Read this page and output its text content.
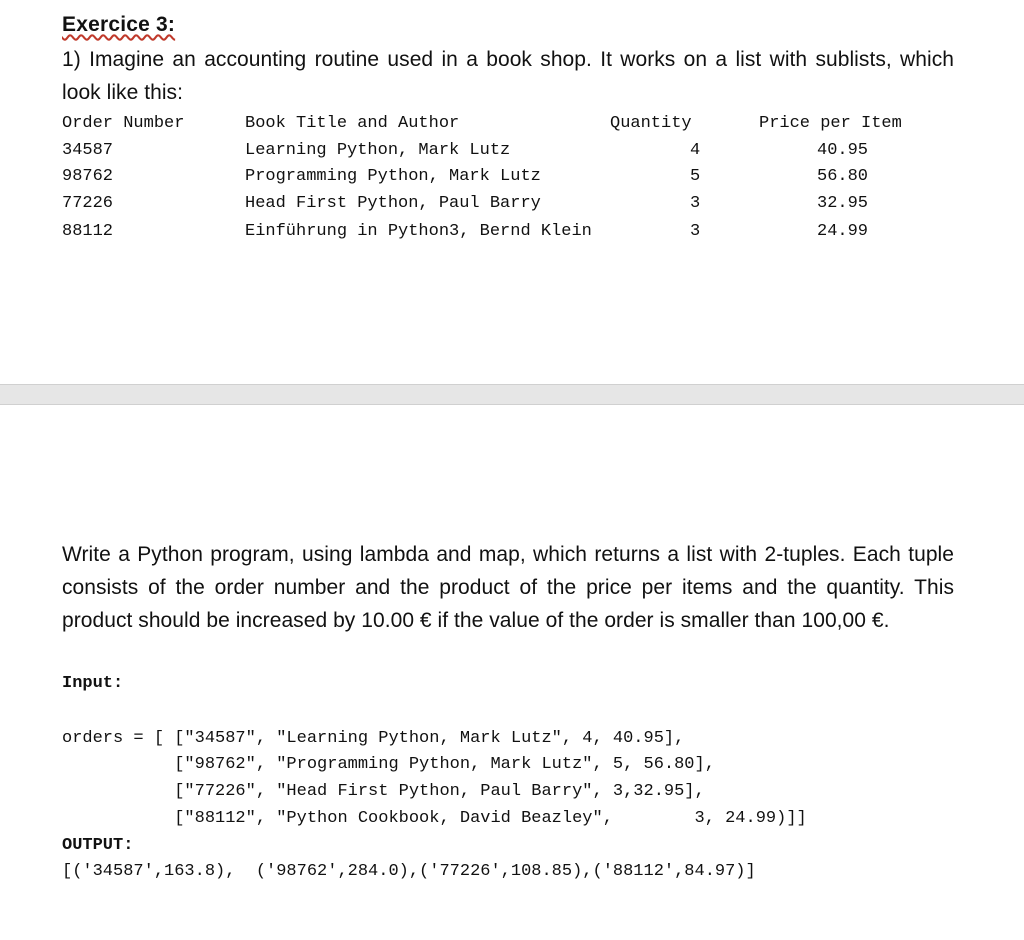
Exercice 3:
1) Imagine an accounting routine used in a book shop. It works on a list with sublists, which look like this:
Order Number	Book Title and Author	Quantity	Price per Item
34587	Learning Python, Mark Lutz	4	40.95
98762	Programming Python, Mark Lutz	5	56.80
77226	Head First Python, Paul Barry	3	32.95
88112	Einführung in Python3, Bernd Klein	3	24.99
Write a Python program, using lambda and map, which returns a list with 2-tuples. Each tuple consists of the order number and the product of the price per items and the quantity. This product should be increased by 10.00 € if the value of the order is smaller than 100,00 €.
Input:
orders = [ ["34587", "Learning Python, Mark Lutz", 4, 40.95],
["98762", "Programming Python, Mark Lutz", 5, 56.80],
["77226", "Head First Python, Paul Barry", 3,32.95],
["88112", "Python Cookbook, David Beazley",        3, 24.99)]]
OUTPUT:
[('34587',163.8),  ('98762',284.0),('77226',108.85),('88112',84.97)]
